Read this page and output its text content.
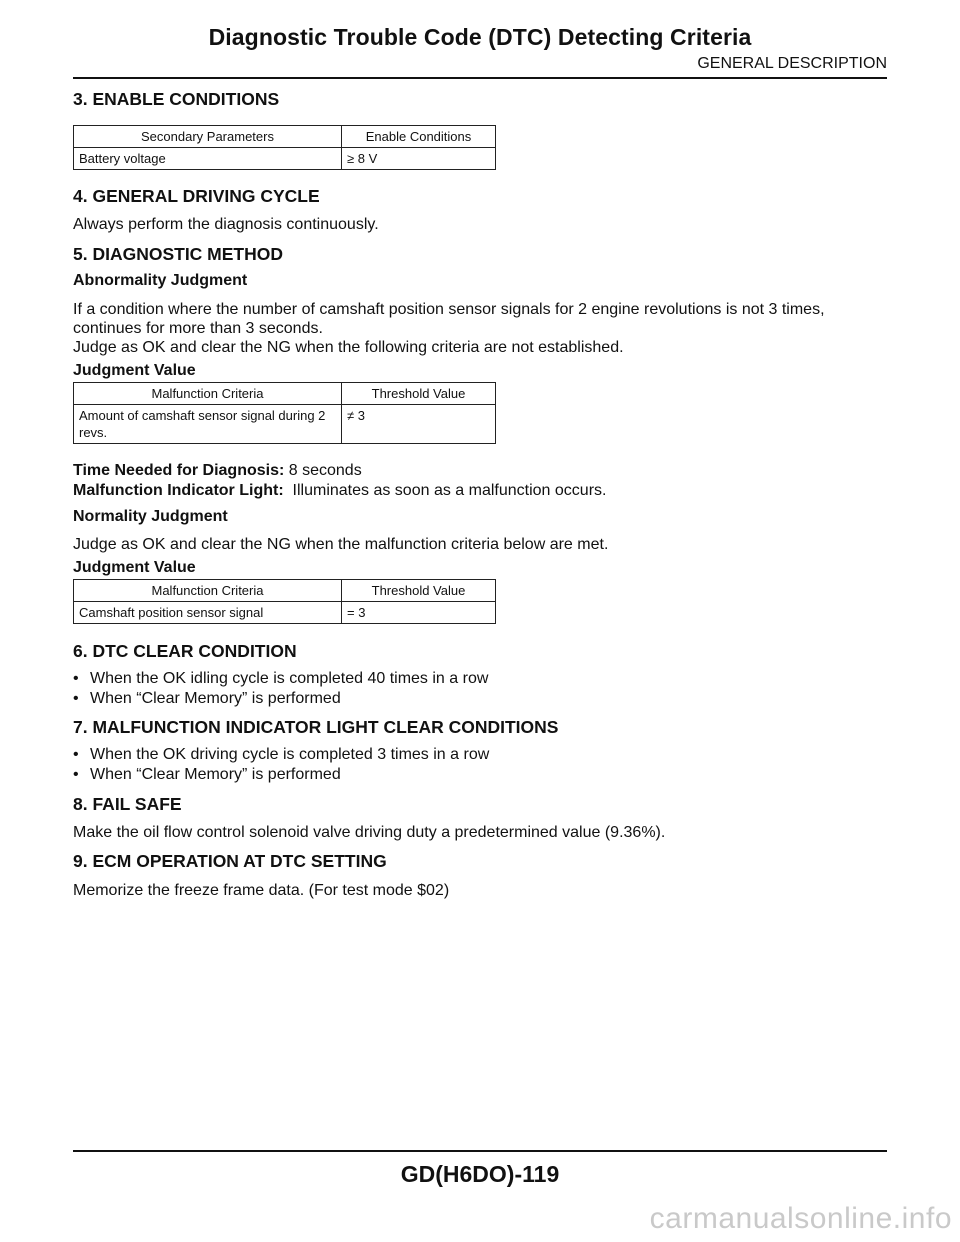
Diagnostic Trouble Code (DTC) Detecting Criteria
GENERAL DESCRIPTION
3. ENABLE CONDITIONS
Secondary Parameters	Enable Conditions
Battery voltage	≥ 8 V
4. GENERAL DRIVING CYCLE

Always perform the diagnosis continuously.

5. DIAGNOSTIC METHOD
Abnormality Judgment

If a condition where the number of camshaft position sensor signals for 2 engine revolutions is not 3 times, continues for more than 3 seconds.
Judge as OK and clear the NG when the following criteria are not established.

Judgment Value
Malfunction Criteria	Threshold Value
Amount of camshaft sensor signal during 2 revs.	≠ 3

Time Needed for Diagnosis: 8 seconds

Malfunction Indicator Light: Illuminates as soon as a malfunction occurs.

Normality Judgment

Judge as OK and clear the NG when the malfunction criteria below are met.

Judgment Value
Malfunction Criteria	Threshold Value
Camshaft position sensor signal	= 3
6. DTC CLEAR CONDITION
• When the OK idling cycle is completed 40 times in a row
• When “Clear Memory” is performed
7. MALFUNCTION INDICATOR LIGHT CLEAR CONDITIONS
• When the OK driving cycle is completed 3 times in a row
• When “Clear Memory” is performed
8. FAIL SAFE

Make the oil flow control solenoid valve driving duty a predetermined value (9.36%).

9. ECM OPERATION AT DTC SETTING

Memorize the freeze frame data. (For test mode $02)

GD(H6DO)-119
carmanualsonline.info
